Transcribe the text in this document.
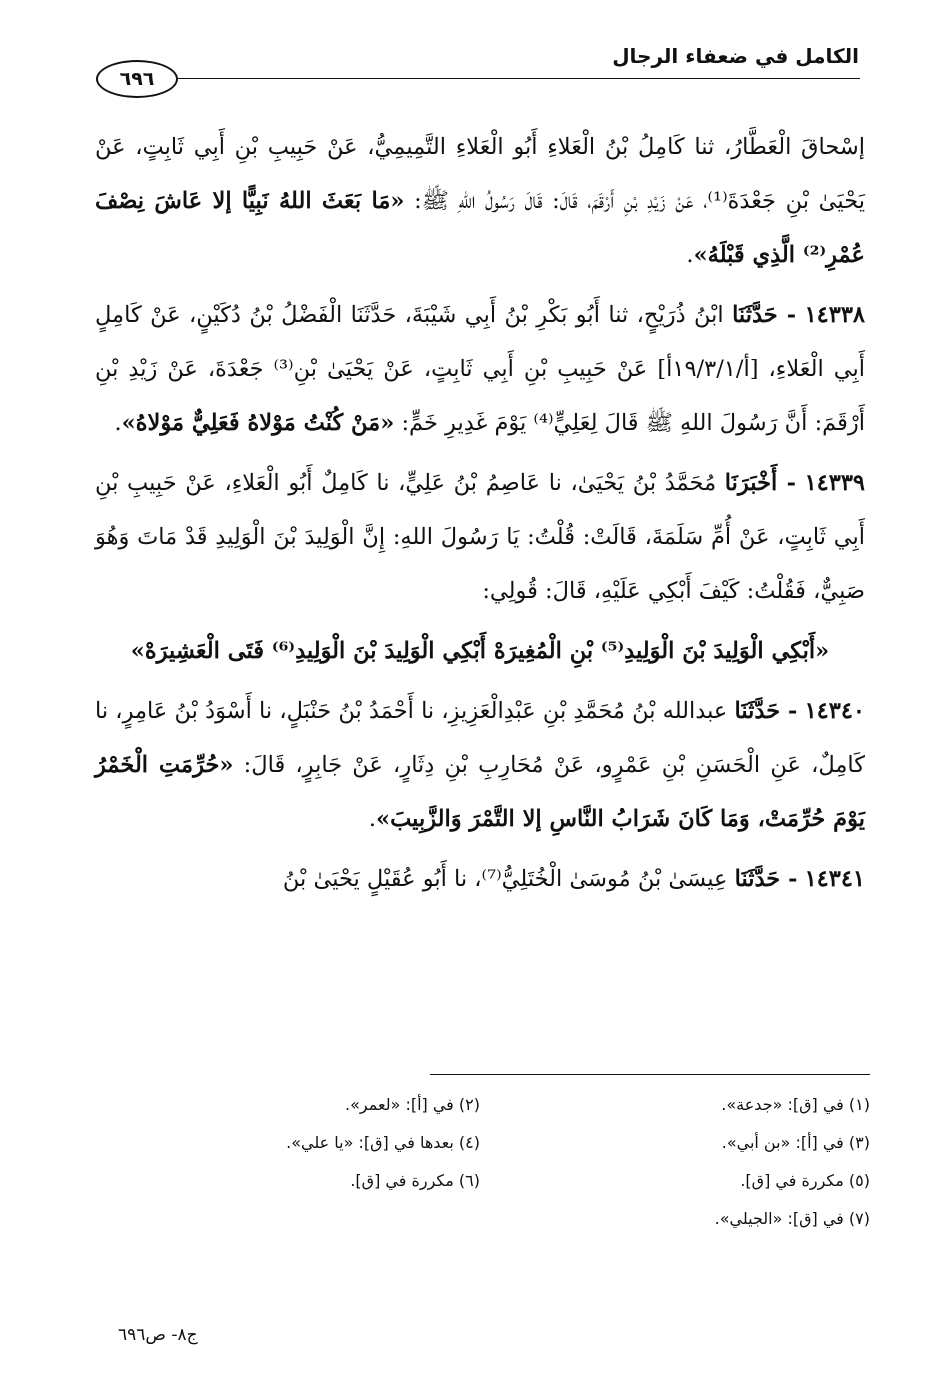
الكامل في ضعفاء الرجال
٦٩٦

إسْحاقَ الْعَطَّارُ، ثنا كَامِلُ بْنُ الْعَلاءِ أَبُو الْعَلاءِ التَّمِيمِيُّ، عَنْ حَبِيبِ بْنِ أَبِي ثَابِتٍ، عَنْ يَحْيَىٰ بْنِ جَعْدَةَ⁽¹⁾، عَنْ زَيْدِ بْنِ أَرْقَمَ، قَالَ: قَالَ رَسُولُ اللهِ ﷺ: «مَا بَعَثَ اللهُ نَبِيًّا إلا عَاشَ نِصْفَ عُمْرِ⁽²⁾ الَّذِي قَبْلَهُ».

١٤٣٣٨ - حَدَّثَنَا ابْنُ ذُرَيْحٍ، ثنا أَبُو بَكْرِ بْنُ أَبِي شَيْبَةَ، حَدَّثَنَا الْفَضْلُ بْنُ دُكَيْنٍ، عَنْ كَامِلٍ أَبِي الْعَلاءِ، [أ/١٩/٣/١أ] عَنْ حَبِيبِ بْنِ أَبِي ثَابِتٍ، عَنْ يَحْيَىٰ بْنِ⁽³⁾ جَعْدَةَ، عَنْ زَيْدِ بْنِ أَرْقَمَ: أَنَّ رَسُولَ اللهِ ﷺ قَالَ لِعَلِيٍّ⁽⁴⁾ يَوْمَ غَدِيرِ خَمٍّ: «مَنْ كُنْتُ مَوْلاهُ فَعَلِيٌّ مَوْلاهُ».

١٤٣٣٩ - أَخْبَرَنَا مُحَمَّدُ بْنُ يَحْيَىٰ، نا عَاصِمُ بْنُ عَلِيٍّ، نا كَامِلٌ أَبُو الْعَلاءِ، عَنْ حَبِيبِ بْنِ أَبِي ثَابِتٍ، عَنْ أُمِّ سَلَمَةَ، قَالَتْ: قُلْتُ: يَا رَسُولَ اللهِ: إِنَّ الْوَلِيدَ بْنَ الْوَلِيدِ قَدْ مَاتَ وَهُوَ صَبِيٌّ، فَقُلْتُ: كَيْفَ أَبْكِي عَلَيْهِ، قَالَ: قُولِي:

«أَبْكِي الْوَلِيدَ بْنَ الْوَلِيدِ⁽⁵⁾ بْنِ الْمُغِيرَهْ أَبْكِي الْوَلِيدَ بْنَ الْوَلِيدِ⁽⁶⁾ فَتَى الْعَشِيرَهْ»

١٤٣٤٠ - حَدَّثَنَا عبدالله بْنُ مُحَمَّدِ بْنِ عَبْدِالْعَزِيزِ، نا أَحْمَدُ بْنُ حَنْبَلٍ، نا أَسْوَدُ بْنُ عَامِرٍ، نا كَامِلٌ، عَنِ الْحَسَنِ بْنِ عَمْرٍو، عَنْ مُحَارِبِ بْنِ دِثَارٍ، عَنْ جَابِرٍ، قَالَ: «حُرِّمَتِ الْخَمْرُ يَوْمَ حُرِّمَتْ، وَمَا كَانَ شَرَابُ النَّاسِ إلا التَّمْرَ وَالزَّبِيبَ».

١٤٣٤١ - حَدَّثَنَا عِيسَىٰ بْنُ مُوسَىٰ الْخُتَلِيُّ⁽⁷⁾، نا أَبُو عُقَيْلٍ يَحْيَىٰ بْنُ

(١) في [ق]: «جدعة».
(٢) في [أ]: «لعمر».
(٣) في [أ]: «بن أبي».
(٤) بعدها في [ق]: «يا علي».
(٥) مكررة في [ق].
(٦) مكررة في [ق].
(٧) في [ق]: «الجيلي».
ج٨- ص٦٩٦
